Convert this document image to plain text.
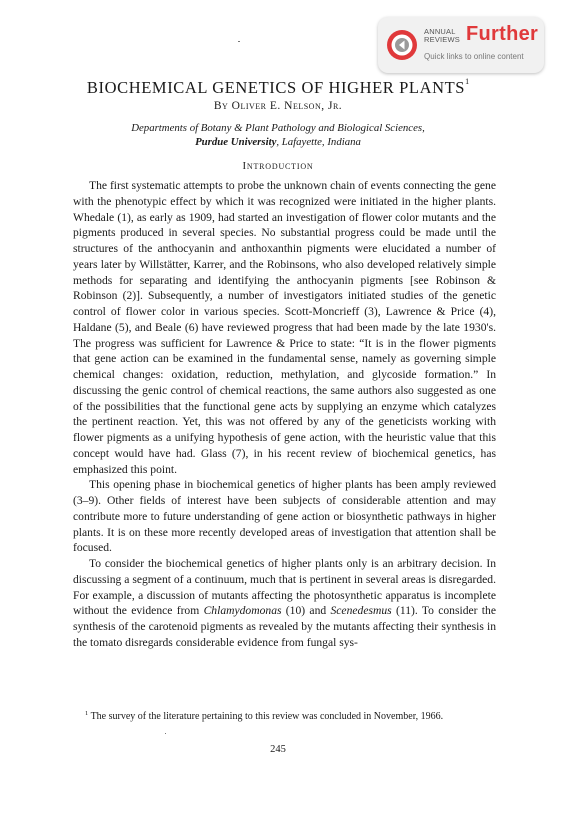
ANNUAL
REVIEWS Further
Quick links to online content
BIOCHEMICAL GENETICS OF HIGHER PLANTS$^1$
By Oliver E. Nelson, Jr.
Departments of Botany & Plant Pathology and Biological Sciences,
Purdue University, Lafayette, Indiana
Introduction

The first systematic attempts to probe the unknown chain of events connecting the gene with the phenotypic effect by which it was recognized were initiated in the higher plants. Whedale (1), as early as 1909, had started an investigation of flower color mutants and the pigments produced in several species. No substantial progress could be made until the structures of the anthocyanin and anthoxanthin pigments were elucidated a number of years later by Willstätter, Karrer, and the Robinsons, who also developed relatively simple methods for separating and identifying the anthocyanin pigments [see Robinson & Robinson (2)]. Subsequently, a number of investigators initiated studies of the genetic control of flower color in various species. Scott-Moncrieff (3), Lawrence & Price (4), Haldane (5), and Beale (6) have reviewed progress that had been made by the late 1930's. The progress was sufficient for Lawrence & Price to state: “It is in the flower pigments that gene action can be examined in the fundamental sense, namely as governing simple chemical changes: oxidation, reduction, methylation, and glycoside formation.” In discussing the genic control of chemical reactions, the same authors also suggested as one of the possibilities that the functional gene acts by supplying an enzyme which catalyzes the pertinent reaction. Yet, this was not offered by any of the geneticists working with flower pigments as a unifying hypothesis of gene action, with the heuristic value that this concept would have had. Glass (7), in his recent review of biochemical genetics, has emphasized this point.

This opening phase in biochemical genetics of higher plants has been amply reviewed (3–9). Other fields of interest have been subjects of considerable attention and may contribute more to future understanding of gene action or biosynthetic pathways in higher plants. It is on these more recently developed areas of investigation that attention shall be focused.

To consider the biochemical genetics of higher plants only is an arbitrary decision. In discussing a segment of a continuum, much that is pertinent in several areas is disregarded. For example, a discussion of mutants affecting the photosynthetic apparatus is incomplete without the evidence from Chlamydomonas (10) and Scenedesmus (11). To consider the synthesis of the carotenoid pigments as revealed by the mutants affecting their synthesis in the tomato disregards considerable evidence from fungal sys-

$^1$ The survey of the literature pertaining to this review was concluded in November, 1966.
245
